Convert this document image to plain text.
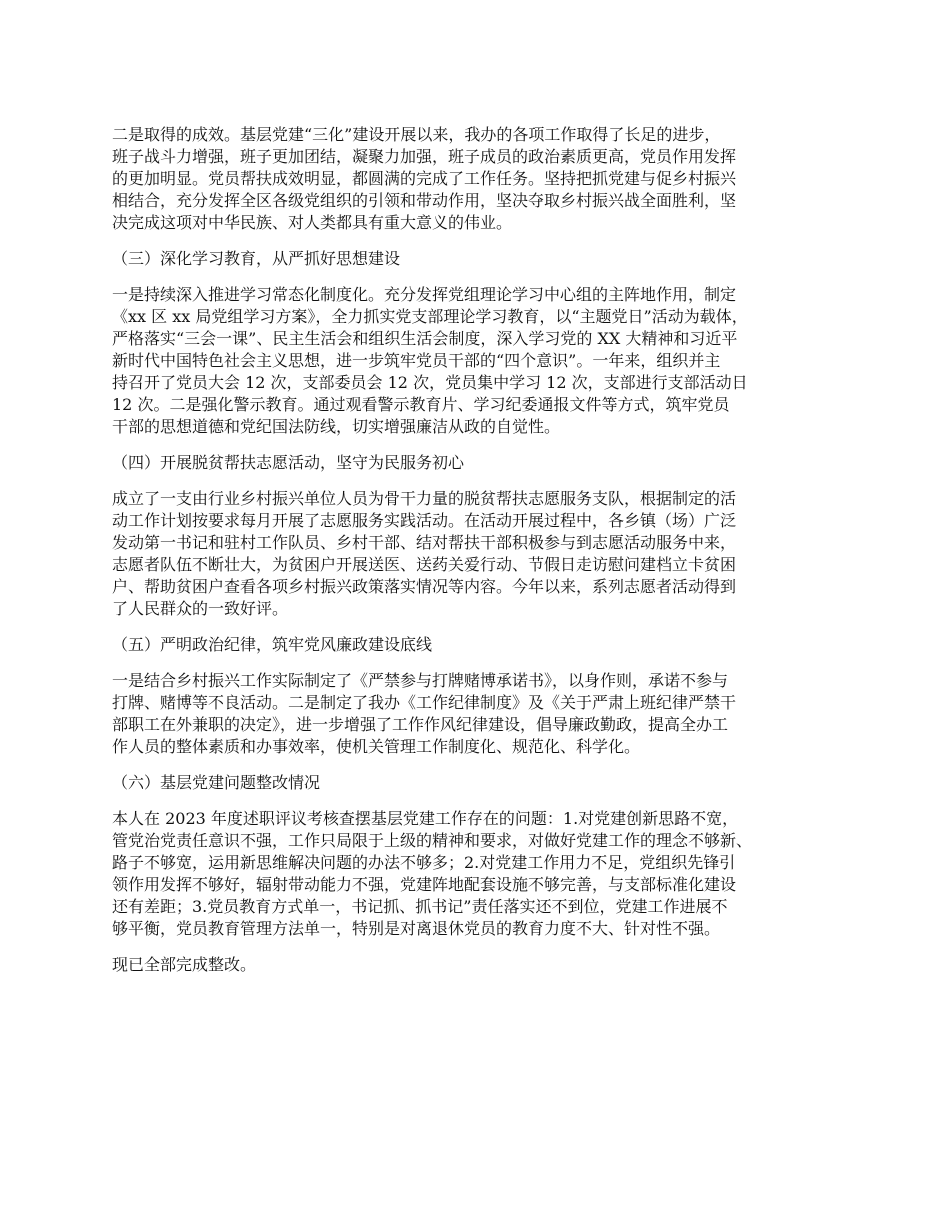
二是取得的成效。基层党建“三化”建设开展以来，我办的各项工作取得了长足的进步，
班子战斗力增强，班子更加团结，凝聚力加强，班子成员的政治素质更高，党员作用发挥
的更加明显。党员帮扶成效明显，都圆满的完成了工作任务。坚持把抓党建与促乡村振兴
相结合，充分发挥全区各级党组织的引领和带动作用，坚决夺取乡村振兴战全面胜利，坚
决完成这项对中华民族、对人类都具有重大意义的伟业。

（三）深化学习教育，从严抓好思想建设

一是持续深入推进学习常态化制度化。充分发挥党组理论学习中心组的主阵地作用，制定
《xx 区 xx 局党组学习方案》，全力抓实党支部理论学习教育，以“主题党日”活动为载体，
严格落实“三会一课”、民主生活会和组织生活会制度，深入学习党的 XX 大精神和习近平
新时代中国特色社会主义思想，进一步筑牢党员干部的“四个意识”。一年来，组织并主
持召开了党员大会 12 次，支部委员会 12 次，党员集中学习 12 次，支部进行支部活动日
12 次。二是强化警示教育。通过观看警示教育片、学习纪委通报文件等方式，筑牢党员
干部的思想道德和党纪国法防线，切实增强廉洁从政的自觉性。

（四）开展脱贫帮扶志愿活动，坚守为民服务初心

成立了一支由行业乡村振兴单位人员为骨干力量的脱贫帮扶志愿服务支队，根据制定的活
动工作计划按要求每月开展了志愿服务实践活动。在活动开展过程中，各乡镇（场）广泛
发动第一书记和驻村工作队员、乡村干部、结对帮扶干部积极参与到志愿活动服务中来，
志愿者队伍不断壮大，为贫困户开展送医、送药关爱行动、节假日走访慰问建档立卡贫困
户、帮助贫困户查看各项乡村振兴政策落实情况等内容。今年以来，系列志愿者活动得到
了人民群众的一致好评。

（五）严明政治纪律，筑牢党风廉政建设底线

一是结合乡村振兴工作实际制定了《严禁参与打牌赌博承诺书》，以身作则，承诺不参与
打牌、赌博等不良活动。二是制定了我办《工作纪律制度》及《关于严肃上班纪律严禁干
部职工在外兼职的决定》，进一步增强了工作作风纪律建设，倡导廉政勤政，提高全办工
作人员的整体素质和办事效率，使机关管理工作制度化、规范化、科学化。

（六）基层党建问题整改情况

本人在 2023 年度述职评议考核查摆基层党建工作存在的问题：1.对党建创新思路不宽，
管党治党责任意识不强，工作只局限于上级的精神和要求，对做好党建工作的理念不够新、
路子不够宽，运用新思维解决问题的办法不够多；2.对党建工作用力不足，党组织先锋引
领作用发挥不够好，辐射带动能力不强，党建阵地配套设施不够完善，与支部标准化建设
还有差距；3.党员教育方式单一，书记抓、抓书记”责任落实还不到位，党建工作进展不
够平衡，党员教育管理方法单一，特别是对离退休党员的教育力度不大、针对性不强。

现已全部完成整改。
